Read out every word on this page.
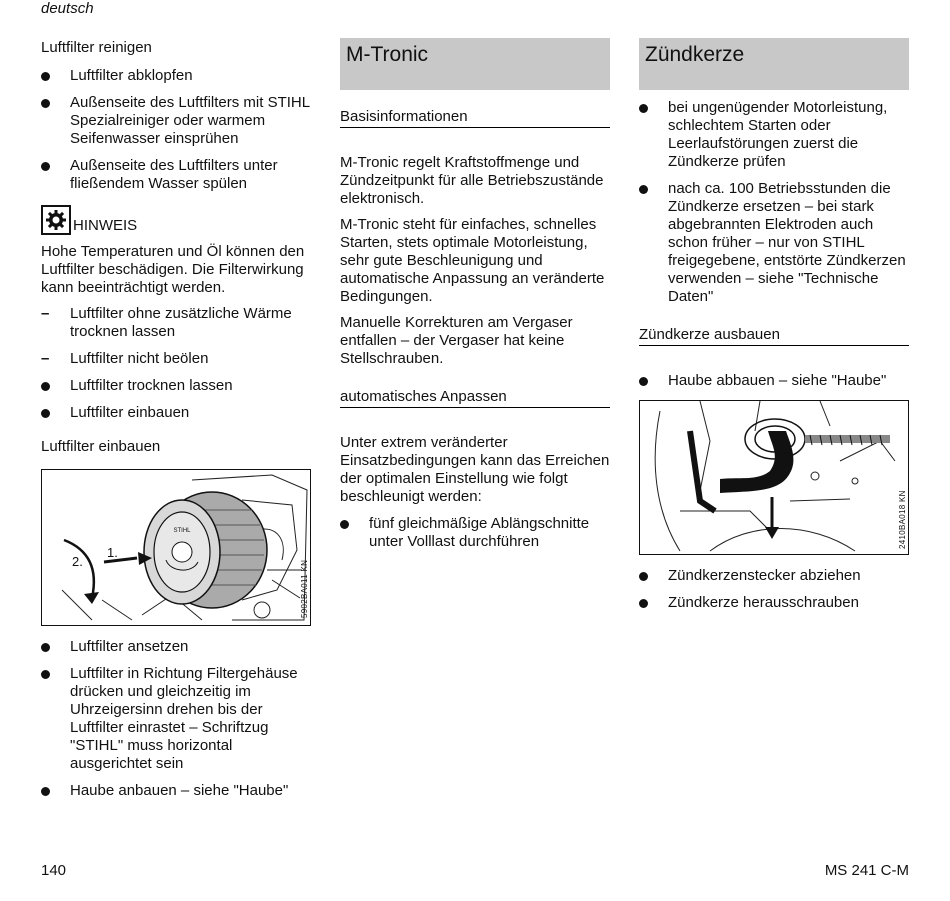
deutsch

Luftfilter reinigen

Luftfilter abklopfen
Außenseite des Luftfilters mit STIHL Spezialreiniger oder warmem Seifenwasser einsprühen
Außenseite des Luftfilters unter fließendem Wasser spülen
HINWEIS

Hohe Temperaturen und Öl können den Luftfilter beschädigen. Die Filterwirkung kann beeinträchtigt werden.

–	Luftfilter ohne zusätzliche Wärme trocknen lassen
–	Luftfilter nicht beölen
Luftfilter trocknen lassen
Luftfilter einbauen

Luftfilter einbauen

STIHL
1.
2.	5902BA011 KN
Luftfilter ansetzen
Luftfilter in Richtung Filtergehäuse drücken und gleichzeitig im Uhrzeigersinn drehen bis der Luftfilter einrastet – Schriftzug "STIHL" muss horizontal ausgerichtet sein
Haube anbauen – siehe "Haube"
M-Tronic

Basisinformationen

M-Tronic regelt Kraftstoffmenge und Zündzeitpunkt für alle Betriebszustände elektronisch.

M-Tronic steht für einfaches, schnelles Starten, stets optimale Motorleistung, sehr gute Beschleunigung und automatische Anpassung an veränderte Bedingungen.

Manuelle Korrekturen am Vergaser entfallen – der Vergaser hat keine Stellschrauben.

automatisches Anpassen

Unter extrem veränderter Einsatzbedingungen kann das Erreichen der optimalen Einstellung wie folgt beschleunigt werden:

fünf gleichmäßige Ablängschnitte unter Volllast durchführen
Zündkerze
bei ungenügender Motorleistung, schlechtem Starten oder Leerlaufstörungen zuerst die Zündkerze prüfen
nach ca. 100 Betriebsstunden die Zündkerze ersetzen – bei stark abgebrannten Elektroden auch schon früher – nur von STIHL freigegebene, entstörte Zündkerzen verwenden – siehe "Technische Daten"

Zündkerze ausbauen

Haube abbauen – siehe "Haube"
2410BA018 KN
Zündkerzenstecker abziehen
Zündkerze herausschrauben
140	MS 241 C-M
